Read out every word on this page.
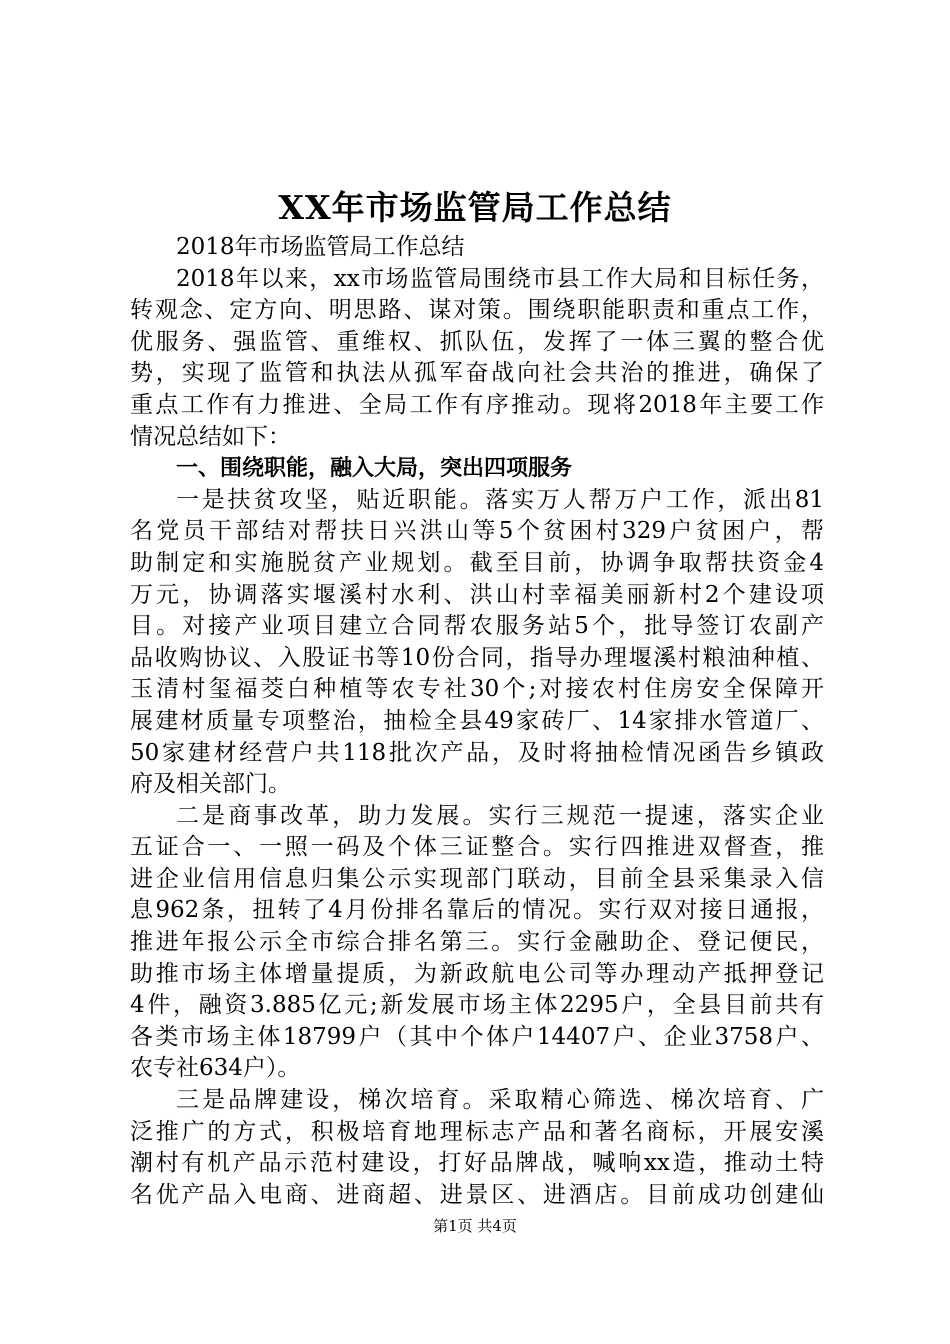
XX年市场监管局工作总结
2018年市场监管局工作总结
2018年以来，xx市场监管局围绕市县工作大局和目标任务，
转观念、定方向、明思路、谋对策。围绕职能职责和重点工作，
优服务、强监管、重维权、抓队伍，发挥了一体三翼的整合优
势，实现了监管和执法从孤军奋战向社会共治的推进，确保了
重点工作有力推进、全局工作有序推动。现将2018年主要工作
情况总结如下：
一、围绕职能，融入大局，突出四项服务
一是扶贫攻坚，贴近职能。落实万人帮万户工作，派出81
名党员干部结对帮扶日兴洪山等5个贫困村329户贫困户，帮
助制定和实施脱贫产业规划。截至目前，协调争取帮扶资金4
万元，协调落实堰溪村水利、洪山村幸福美丽新村2个建设项
目。对接产业项目建立合同帮农服务站5个，批导签订农副产
品收购协议、入股证书等10份合同，指导办理堰溪村粮油种植、
玉清村玺福茭白种植等农专社30个;对接农村住房安全保障开
展建材质量专项整治，抽检全县49家砖厂、14家排水管道厂、
50家建材经营户共118批次产品，及时将抽检情况函告乡镇政
府及相关部门。
二是商事改革，助力发展。实行三规范一提速，落实企业
五证合一、一照一码及个体三证整合。实行四推进双督查，推
进企业信用信息归集公示实现部门联动，目前全县采集录入信
息962条，扭转了4月份排名靠后的情况。实行双对接日通报，
推进年报公示全市综合排名第三。实行金融助企、登记便民，
助推市场主体增量提质，为新政航电公司等办理动产抵押登记
4件，融资3.885亿元;新发展市场主体2295户，全县目前共有
各类市场主体18799户（其中个体户14407户、企业3758户、
农专社634户）。
三是品牌建设，梯次培育。采取精心筛选、梯次培育、广
泛推广的方式，积极培育地理标志产品和著名商标，开展安溪
潮村有机产品示范村建设，打好品牌战，喊响xx造，推动土特
名优产品入电商、进商超、进景区、进酒店。目前成功创建仙
第1页 共4页
